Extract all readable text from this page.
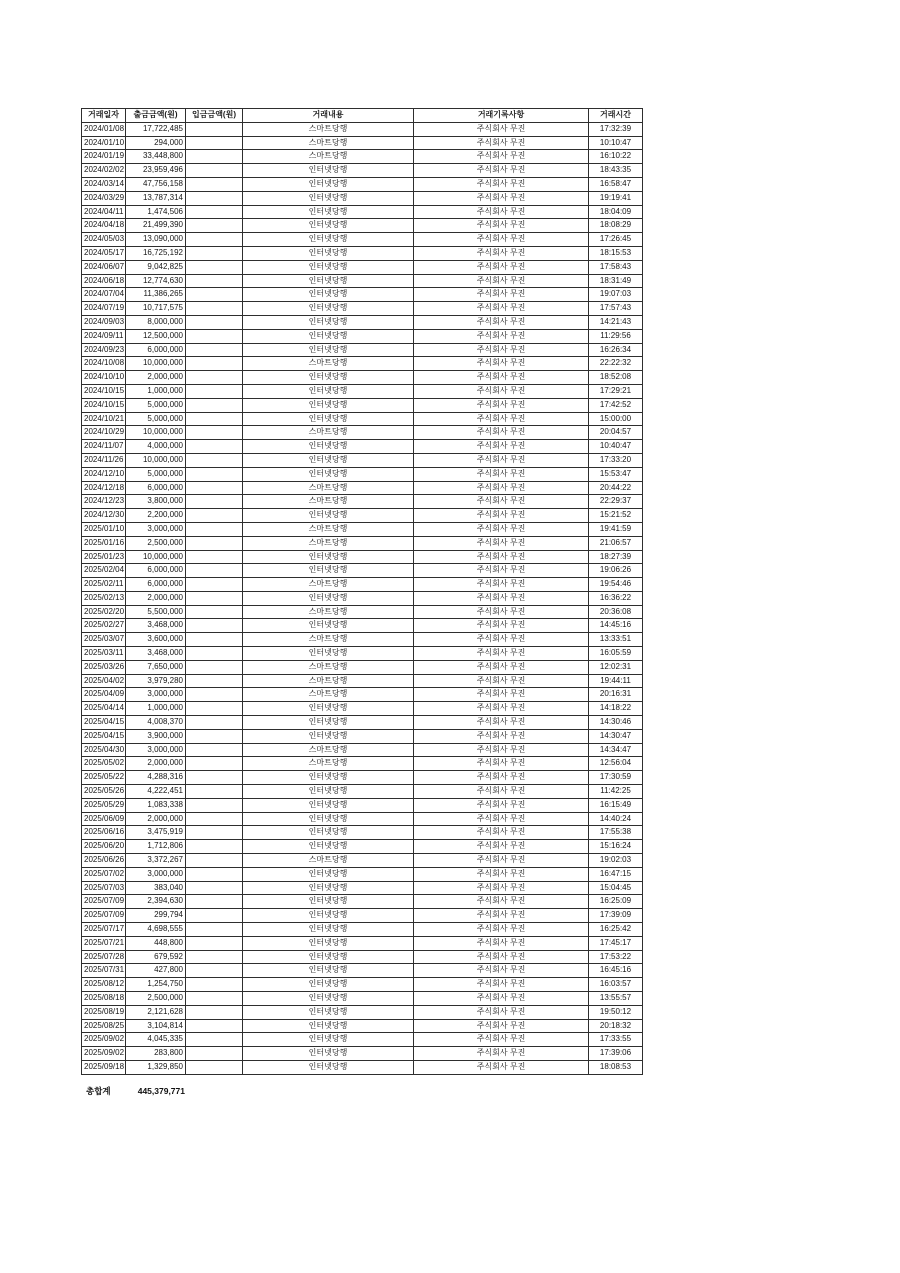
거래일자	출금금액(원)	입금금액(원)	거래내용	거래기록사항	거래시간
2024/01/08	17,722,485		스마트당행	주식회사 무진	17:32:39
2024/01/10	294,000		스마트당행	주식회사 무진	10:10:47
2024/01/19	33,448,800		스마트당행	주식회사 무진	16:10:22
2024/02/02	23,959,496		인터넷당행	주식회사 무진	18:43:35
2024/03/14	47,756,158		인터넷당행	주식회사 무진	16:58:47
2024/03/29	13,787,314		인터넷당행	주식회사 무진	19:19:41
2024/04/11	1,474,506		인터넷당행	주식회사 무진	18:04:09
2024/04/18	21,499,390		인터넷당행	주식회사 무진	18:08:29
2024/05/03	13,090,000		인터넷당행	주식회사 무진	17:26:45
2024/05/17	16,725,192		인터넷당행	주식회사 무진	18:15:53
2024/06/07	9,042,825		인터넷당행	주식회사 무진	17:58:43
2024/06/18	12,774,630		인터넷당행	주식회사 무진	18:31:49
2024/07/04	11,386,265		인터넷당행	주식회사 무진	19:07:03
2024/07/19	10,717,575		인터넷당행	주식회사 무진	17:57:43
2024/09/03	8,000,000		인터넷당행	주식회사 무진	14:21:43
2024/09/11	12,500,000		인터넷당행	주식회사 무진	11:29:56
2024/09/23	6,000,000		인터넷당행	주식회사 무진	16:26:34
2024/10/08	10,000,000		스마트당행	주식회사 무진	22:22:32
2024/10/10	2,000,000		인터넷당행	주식회사 무진	18:52:08
2024/10/15	1,000,000		인터넷당행	주식회사 무진	17:29:21
2024/10/15	5,000,000		인터넷당행	주식회사 무진	17:42:52
2024/10/21	5,000,000		인터넷당행	주식회사 무진	15:00:00
2024/10/29	10,000,000		스마트당행	주식회사 무진	20:04:57
2024/11/07	4,000,000		인터넷당행	주식회사 무진	10:40:47
2024/11/26	10,000,000		인터넷당행	주식회사 무진	17:33:20
2024/12/10	5,000,000		인터넷당행	주식회사 무진	15:53:47
2024/12/18	6,000,000		스마트당행	주식회사 무진	20:44:22
2024/12/23	3,800,000		스마트당행	주식회사 무진	22:29:37
2024/12/30	2,200,000		인터넷당행	주식회사 무진	15:21:52
2025/01/10	3,000,000		스마트당행	주식회사 무진	19:41:59
2025/01/16	2,500,000		스마트당행	주식회사 무진	21:06:57
2025/01/23	10,000,000		인터넷당행	주식회사 무진	18:27:39
2025/02/04	6,000,000		인터넷당행	주식회사 무진	19:06:26
2025/02/11	6,000,000		스마트당행	주식회사 무진	19:54:46
2025/02/13	2,000,000		인터넷당행	주식회사 무진	16:36:22
2025/02/20	5,500,000		스마트당행	주식회사 무진	20:36:08
2025/02/27	3,468,000		인터넷당행	주식회사 무진	14:45:16
2025/03/07	3,600,000		스마트당행	주식회사 무진	13:33:51
2025/03/11	3,468,000		인터넷당행	주식회사 무진	16:05:59
2025/03/26	7,650,000		스마트당행	주식회사 무진	12:02:31
2025/04/02	3,979,280		스마트당행	주식회사 무진	19:44:11
2025/04/09	3,000,000		스마트당행	주식회사 무진	20:16:31
2025/04/14	1,000,000		인터넷당행	주식회사 무진	14:18:22
2025/04/15	4,008,370		인터넷당행	주식회사 무진	14:30:46
2025/04/15	3,900,000		인터넷당행	주식회사 무진	14:30:47
2025/04/30	3,000,000		스마트당행	주식회사 무진	14:34:47
2025/05/02	2,000,000		스마트당행	주식회사 무진	12:56:04
2025/05/22	4,288,316		인터넷당행	주식회사 무진	17:30:59
2025/05/26	4,222,451		인터넷당행	주식회사 무진	11:42:25
2025/05/29	1,083,338		인터넷당행	주식회사 무진	16:15:49
2025/06/09	2,000,000		인터넷당행	주식회사 무진	14:40:24
2025/06/16	3,475,919		인터넷당행	주식회사 무진	17:55:38
2025/06/20	1,712,806		인터넷당행	주식회사 무진	15:16:24
2025/06/26	3,372,267		스마트당행	주식회사 무진	19:02:03
2025/07/02	3,000,000		인터넷당행	주식회사 무진	16:47:15
2025/07/03	383,040		인터넷당행	주식회사 무진	15:04:45
2025/07/09	2,394,630		인터넷당행	주식회사 무진	16:25:09
2025/07/09	299,794		인터넷당행	주식회사 무진	17:39:09
2025/07/17	4,698,555		인터넷당행	주식회사 무진	16:25:42
2025/07/21	448,800		인터넷당행	주식회사 무진	17:45:17
2025/07/28	679,592		인터넷당행	주식회사 무진	17:53:22
2025/07/31	427,800		인터넷당행	주식회사 무진	16:45:16
2025/08/12	1,254,750		인터넷당행	주식회사 무진	16:03:57
2025/08/18	2,500,000		인터넷당행	주식회사 무진	13:55:57
2025/08/19	2,121,628		인터넷당행	주식회사 무진	19:50:12
2025/08/25	3,104,814		인터넷당행	주식회사 무진	20:18:32
2025/09/02	4,045,335		인터넷당행	주식회사 무진	17:33:55
2025/09/02	283,800		인터넷당행	주식회사 무진	17:39:06
2025/09/18	1,329,850		인터넷당행	주식회사 무진	18:08:53
총합계	445,379,771
